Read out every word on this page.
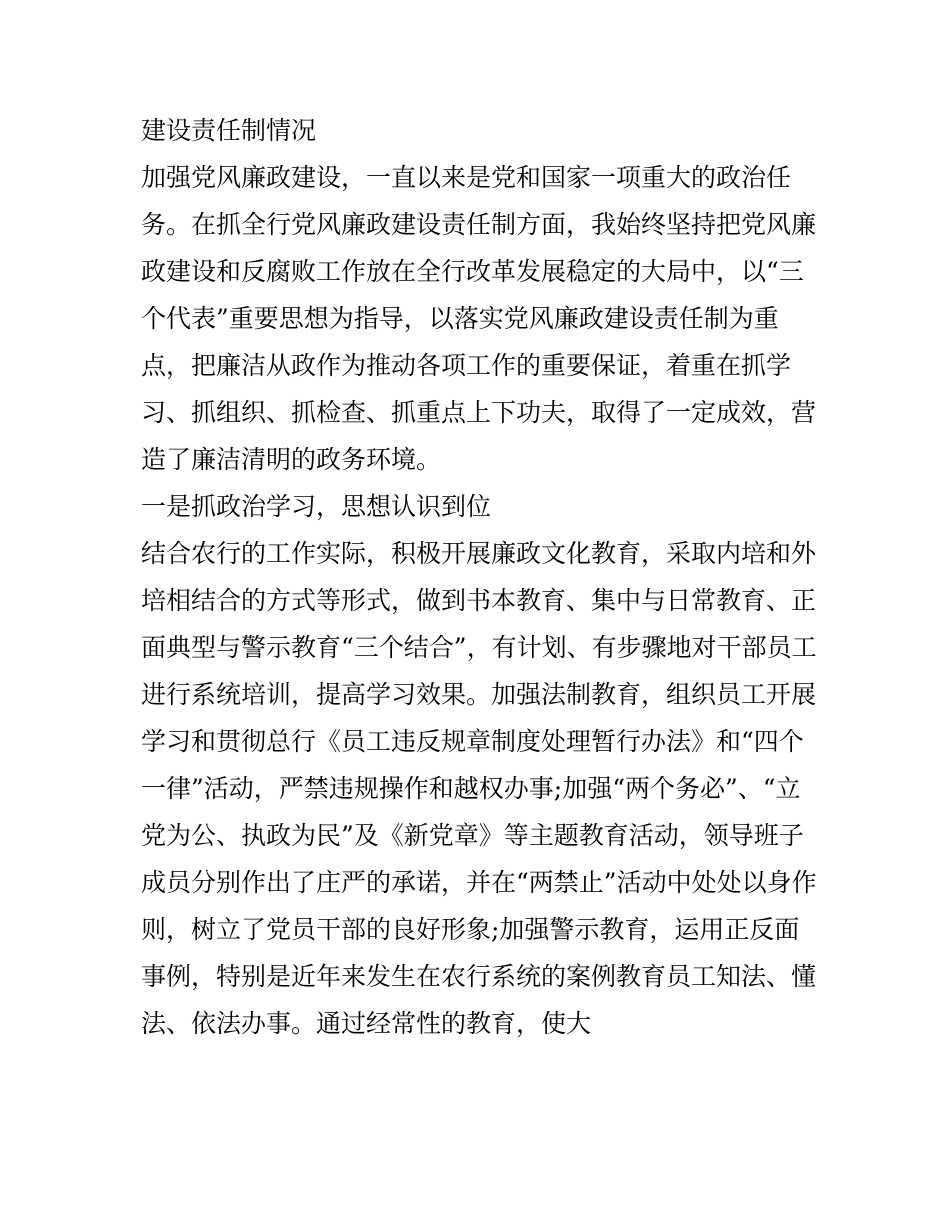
建设责任制情况
加强党风廉政建设，一直以来是党和国家一项重大的政治任
务。在抓全行党风廉政建设责任制方面，我始终坚持把党风廉
政建设和反腐败工作放在全行改革发展稳定的大局中，以“三
个代表”重要思想为指导，以落实党风廉政建设责任制为重
点，把廉洁从政作为推动各项工作的重要保证，着重在抓学
习、抓组织、抓检查、抓重点上下功夫，取得了一定成效，营
造了廉洁清明的政务环境。
一是抓政治学习，思想认识到位
结合农行的工作实际，积极开展廉政文化教育，采取内培和外
培相结合的方式等形式，做到书本教育、集中与日常教育、正
面典型与警示教育“三个结合”，有计划、有步骤地对干部员工
进行系统培训，提高学习效果。加强法制教育，组织员工开展
学习和贯彻总行《员工违反规章制度处理暂行办法》和“四个
一律”活动，严禁违规操作和越权办事;加强“两个务必”、“立
党为公、执政为民”及《新党章》等主题教育活动，领导班子
成员分别作出了庄严的承诺，并在“两禁止”活动中处处以身作
则，树立了党员干部的良好形象;加强警示教育，运用正反面
事例，特别是近年来发生在农行系统的案例教育员工知法、懂
法、依法办事。通过经常性的教育，使大
